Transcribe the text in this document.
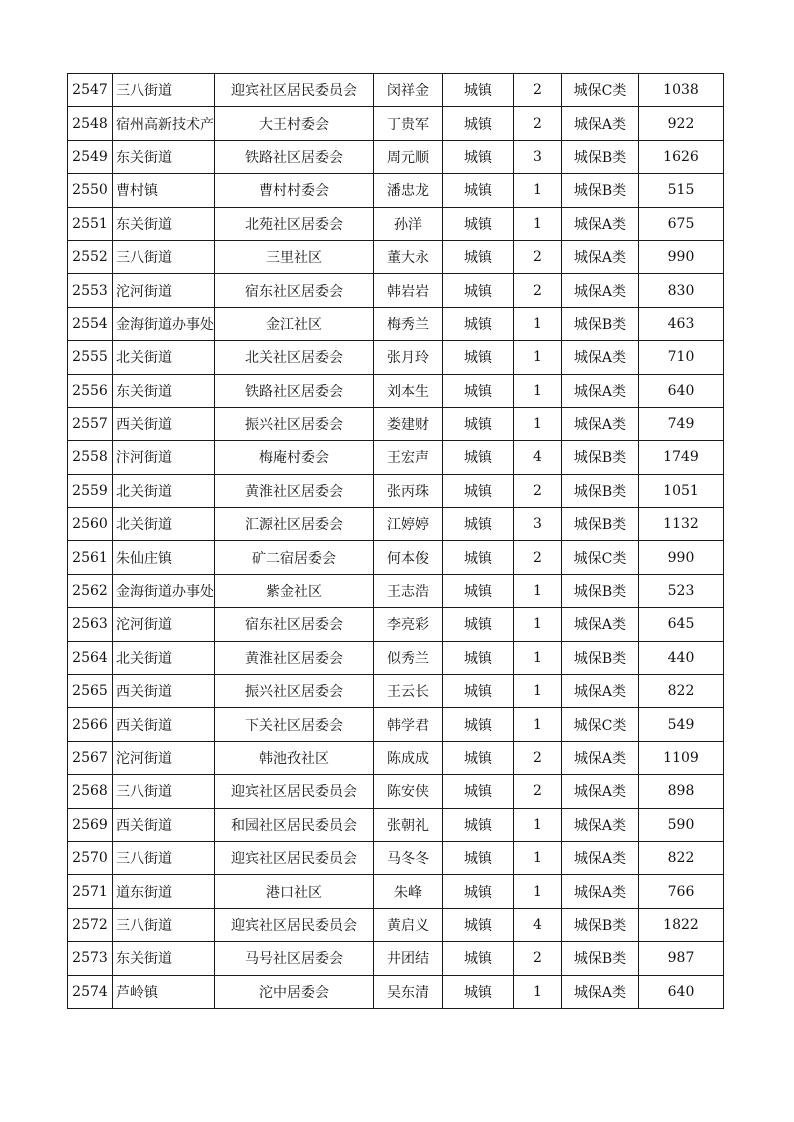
2547	三八街道	迎宾社区居民委员会	闵祥金	城镇	2	城保C类	1038
2548	宿州高新技术产	大王村委会	丁贵军	城镇	2	城保A类	922
2549	东关街道	铁路社区居委会	周元顺	城镇	3	城保B类	1626
2550	曹村镇	曹村村委会	潘忠龙	城镇	1	城保B类	515
2551	东关街道	北苑社区居委会	孙洋	城镇	1	城保A类	675
2552	三八街道	三里社区	董大永	城镇	2	城保A类	990
2553	沱河街道	宿东社区居委会	韩岩岩	城镇	2	城保A类	830
2554	金海街道办事处	金江社区	梅秀兰	城镇	1	城保B类	463
2555	北关街道	北关社区居委会	张月玲	城镇	1	城保A类	710
2556	东关街道	铁路社区居委会	刘本生	城镇	1	城保A类	640
2557	西关街道	振兴社区居委会	娄建财	城镇	1	城保A类	749
2558	汴河街道	梅庵村委会	王宏声	城镇	4	城保B类	1749
2559	北关街道	黄淮社区居委会	张丙珠	城镇	2	城保B类	1051
2560	北关街道	汇源社区居委会	江婷婷	城镇	3	城保B类	1132
2561	朱仙庄镇	矿二宿居委会	何本俊	城镇	2	城保C类	990
2562	金海街道办事处	紫金社区	王志浩	城镇	1	城保B类	523
2563	沱河街道	宿东社区居委会	李亮彩	城镇	1	城保A类	645
2564	北关街道	黄淮社区居委会	似秀兰	城镇	1	城保B类	440
2565	西关街道	振兴社区居委会	王云长	城镇	1	城保A类	822
2566	西关街道	下关社区居委会	韩学君	城镇	1	城保C类	549
2567	沱河街道	韩池孜社区	陈成成	城镇	2	城保A类	1109
2568	三八街道	迎宾社区居民委员会	陈安侠	城镇	2	城保A类	898
2569	西关街道	和园社区居民委员会	张朝礼	城镇	1	城保A类	590
2570	三八街道	迎宾社区居民委员会	马冬冬	城镇	1	城保A类	822
2571	道东街道	港口社区	朱峰	城镇	1	城保A类	766
2572	三八街道	迎宾社区居民委员会	黄启义	城镇	4	城保B类	1822
2573	东关街道	马号社区居委会	井团结	城镇	2	城保B类	987
2574	芦岭镇	沱中居委会	吴东清	城镇	1	城保A类	640
